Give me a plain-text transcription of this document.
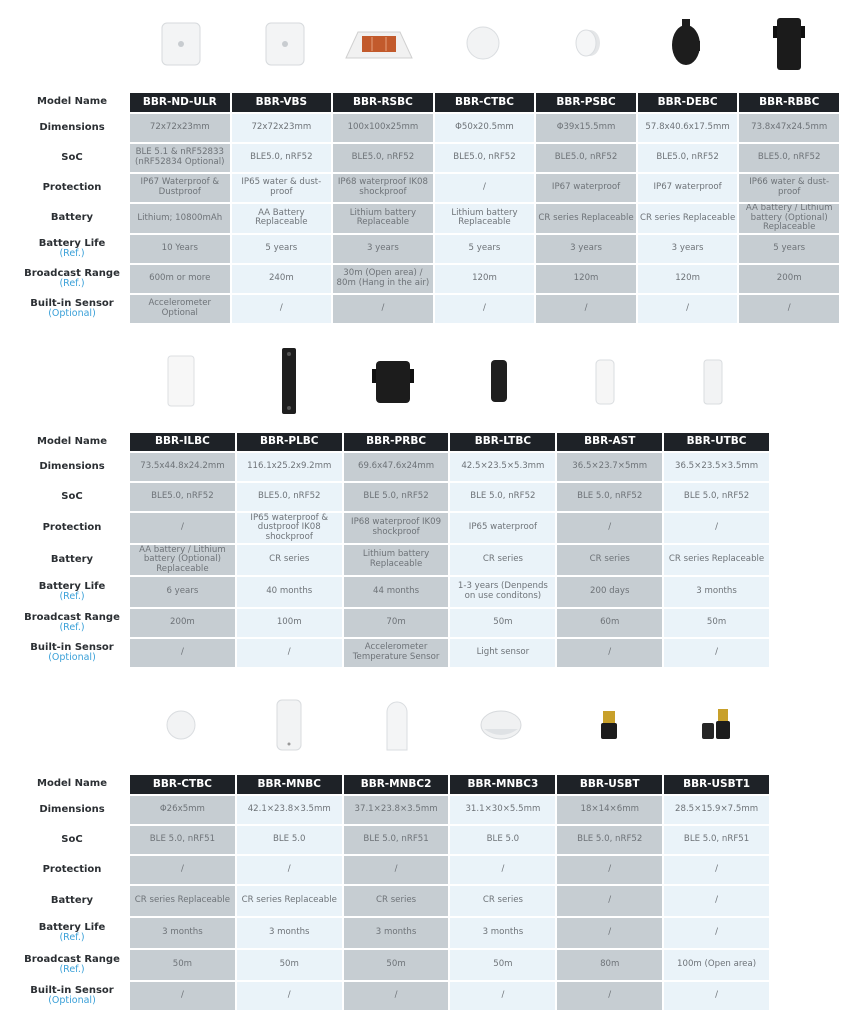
Model Name	BBR-ND-ULR	BBR-VBS	BBR-RSBC	BBR-CTBC	BBR-PSBC	BBR-DEBC	BBR-RBBC
Dimensions	72x72x23mm	72x72x23mm	100x100x25mm	Φ50x20.5mm	Φ39x15.5mm	57.8x40.6x17.5mm	73.8x47x24.5mm
SoC	BLE 5.1 & nRF52833 (nRF52834 Optional)	BLE5.0, nRF52	BLE5.0, nRF52	BLE5.0, nRF52	BLE5.0, nRF52	BLE5.0, nRF52	BLE5.0, nRF52
Protection	IP67 Waterproof & Dustproof	IP65 water & dust-proof	IP68 waterproof IK08 shockproof	/	IP67 waterproof	IP67 waterproof	IP66 water & dust-proof
Battery	Lithium; 10800mAh	AA Battery Replaceable	Lithium battery Replaceable	Lithium battery Replaceable	CR series Replaceable	CR series Replaceable	AA battery / Lithium battery (Optional) Replaceable
Battery Life
(Ref.)	10 Years	5 years	3 years	5 years	3 years	3 years	5 years
Broadcast Range
(Ref.)	600m or more	240m	30m (Open area) / 80m (Hang in the air)	120m	120m	120m	200m
Built-in Sensor
(Optional)	Accelerometer Optional	/	/	/	/	/	/
Model Name	BBR-ILBC	BBR-PLBC	BBR-PRBC	BBR-LTBC	BBR-AST	BBR-UTBC
Dimensions	73.5x44.8x24.2mm	116.1x25.2x9.2mm	69.6x47.6x24mm	42.5×23.5×5.3mm	36.5×23.7×5mm	36.5×23.5×3.5mm
SoC	BLE5.0, nRF52	BLE5.0, nRF52	BLE 5.0, nRF52	BLE 5.0, nRF52	BLE 5.0, nRF52	BLE 5.0, nRF52
Protection	/	IP65 waterproof & dustproof IK08 shockproof	IP68 waterproof IK09 shockproof	IP65 waterproof	/	/
Battery	AA battery / Lithium battery (Optional) Replaceable	CR series	Lithium battery Replaceable	CR series	CR series	CR series Replaceable
Battery Life
(Ref.)	6 years	40 months	44 months	1-3 years (Denpends on use conditons)	200 days	3 months
Broadcast Range
(Ref.)	200m	100m	70m	50m	60m	50m
Built-in Sensor
(Optional)	/	/	Accelerometer Temperature Sensor	Light sensor	/	/
Model Name	BBR-CTBC	BBR-MNBC	BBR-MNBC2	BBR-MNBC3	BBR-USBT	BBR-USBT1
Dimensions	Φ26x5mm	42.1×23.8×3.5mm	37.1×23.8×3.5mm	31.1×30×5.5mm	18×14×6mm	28.5×15.9×7.5mm
SoC	BLE 5.0, nRF51	BLE 5.0	BLE 5.0, nRF51	BLE 5.0	BLE 5.0, nRF52	BLE 5.0, nRF51
Protection	/	/	/	/	/	/
Battery	CR series Replaceable	CR series Replaceable	CR series	CR series	/	/
Battery Life
(Ref.)	3 months	3 months	3 months	3 months	/	/
Broadcast Range
(Ref.)	50m	50m	50m	50m	80m	100m (Open area)
Built-in Sensor
(Optional)	/	/	/	/	/	/
